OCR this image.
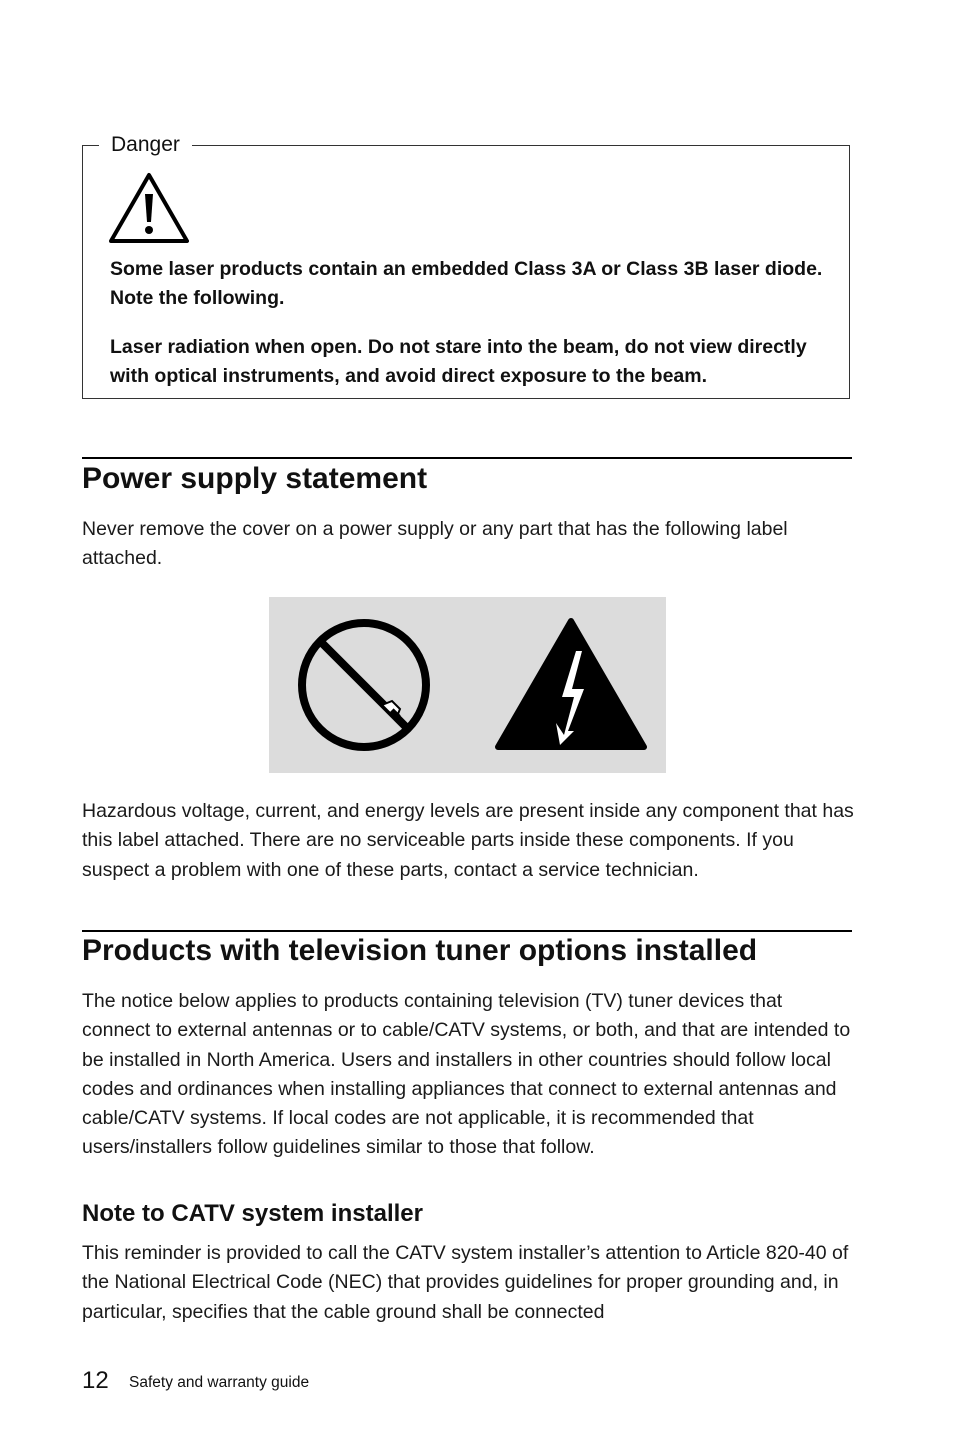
Danger

Some laser products contain an embedded Class 3A or Class 3B laser diode. Note the following.

Laser radiation when open. Do not stare into the beam, do not view directly with optical instruments, and avoid direct exposure to the beam.

Power supply statement

Never remove the cover on a power supply or any part that has the following label attached.

Hazardous voltage, current, and energy levels are present inside any component that has this label attached. There are no serviceable parts inside these components. If you suspect a problem with one of these parts, contact a service technician.

Products with television tuner options installed

The notice below applies to products containing television (TV) tuner devices that connect to external antennas or to cable/CATV systems, or both, and that are intended to be installed in North America. Users and installers in other countries should follow local codes and ordinances when installing appliances that connect to external antennas and cable/CATV systems. If local codes are not applicable, it is recommended that users/installers follow guidelines similar to those that follow.

Note to CATV system installer

This reminder is provided to call the CATV system installer’s attention to Article 820-40 of the National Electrical Code (NEC) that provides guidelines for proper grounding and, in particular, specifies that the cable ground shall be connected

12 Safety and warranty guide
